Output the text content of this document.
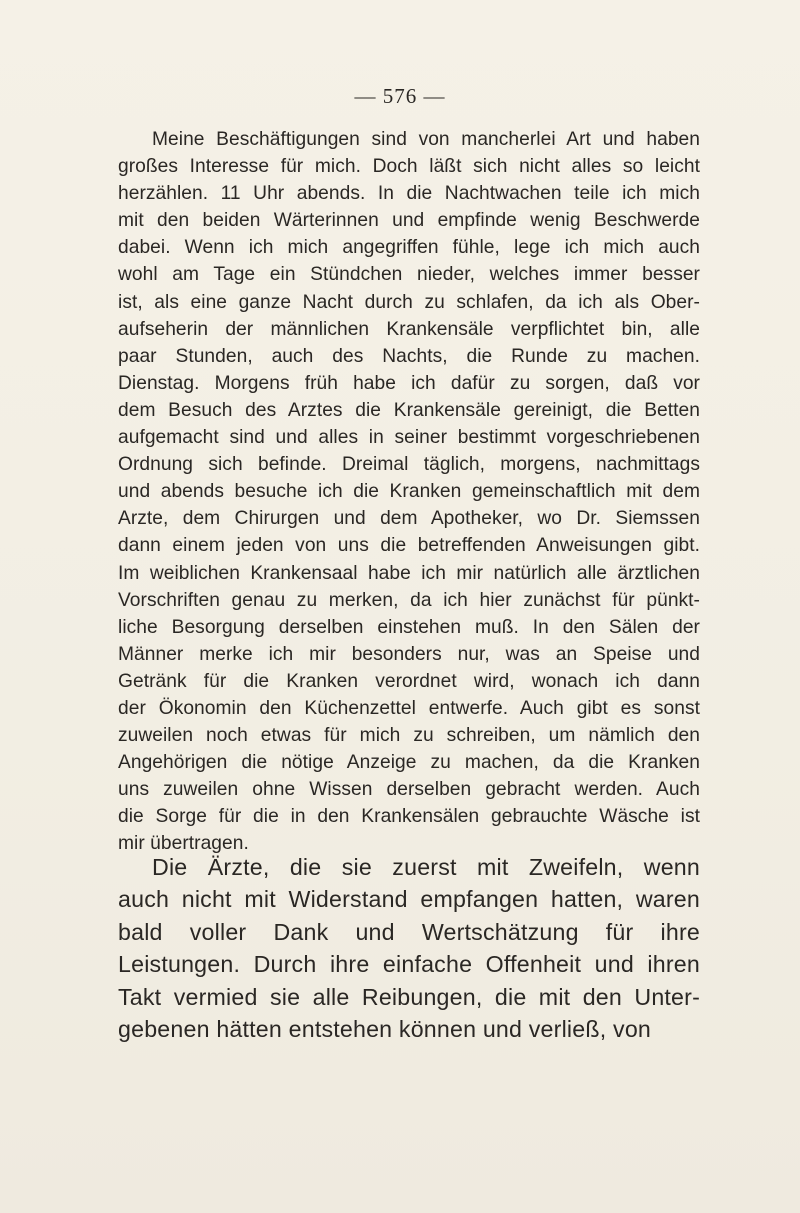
— 576 —
Meine Beschäftigungen sind von mancherlei Art und haben
großes Interesse für mich. Doch läßt sich nicht alles so leicht
herzählen. 11 Uhr abends. In die Nachtwachen teile ich mich
mit den beiden Wärterinnen und empfinde wenig Beschwerde
dabei. Wenn ich mich angegriffen fühle, lege ich mich auch
wohl am Tage ein Stündchen nieder, welches immer besser
ist, als eine ganze Nacht durch zu schlafen, da ich als Ober-
aufseherin der männlichen Krankensäle verpflichtet bin, alle
paar Stunden, auch des Nachts, die Runde zu machen.
Dienstag. Morgens früh habe ich dafür zu sorgen, daß vor
dem Besuch des Arztes die Krankensäle gereinigt, die Betten
aufgemacht sind und alles in seiner bestimmt vorgeschriebenen
Ordnung sich befinde. Dreimal täglich, morgens, nachmittags
und abends besuche ich die Kranken gemeinschaftlich mit dem
Arzte, dem Chirurgen und dem Apotheker, wo Dr. Siemssen
dann einem jeden von uns die betreffenden Anweisungen gibt.
Im weiblichen Krankensaal habe ich mir natürlich alle ärztlichen
Vorschriften genau zu merken, da ich hier zunächst für pünkt-
liche Besorgung derselben einstehen muß. In den Sälen der
Männer merke ich mir besonders nur, was an Speise und
Getränk für die Kranken verordnet wird, wonach ich dann
der Ökonomin den Küchenzettel entwerfe. Auch gibt es sonst
zuweilen noch etwas für mich zu schreiben, um nämlich den
Angehörigen die nötige Anzeige zu machen, da die Kranken
uns zuweilen ohne Wissen derselben gebracht werden. Auch
die Sorge für die in den Krankensälen gebrauchte Wäsche ist
mir übertragen.
Die Ärzte, die sie zuerst mit Zweifeln, wenn
auch nicht mit Widerstand empfangen hatten, waren
bald voller Dank und Wertschätzung für ihre
Leistungen. Durch ihre einfache Offenheit und ihren
Takt vermied sie alle Reibungen, die mit den Unter-
gebenen hätten entstehen können und verließ, von
